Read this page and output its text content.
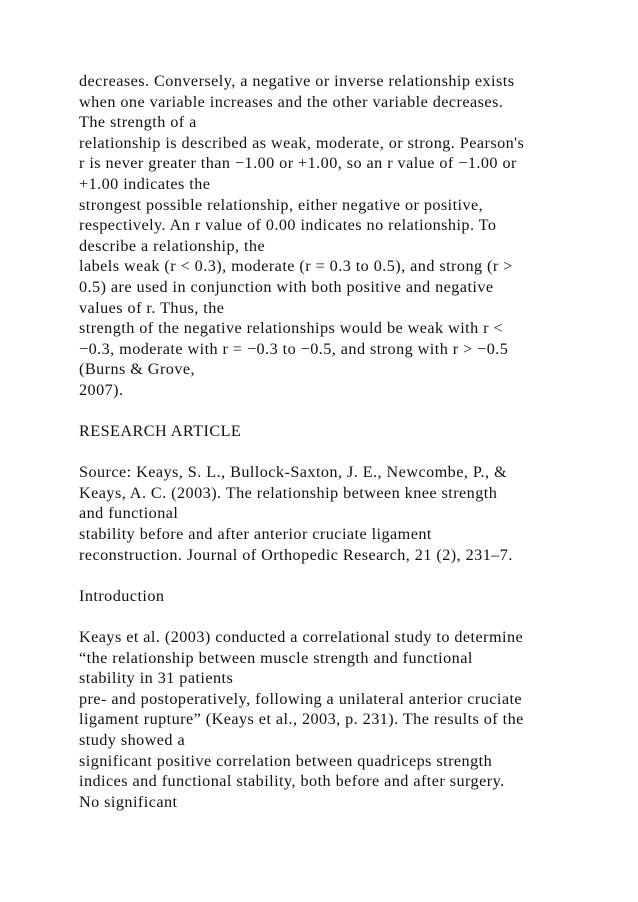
decreases. Conversely, a negative or inverse relationship exists
when one variable increases and the other variable decreases.
The strength of a
relationship is described as weak, moderate, or strong. Pearson's
r is never greater than −1.00 or +1.00, so an r value of −1.00 or
+1.00 indicates the
strongest possible relationship, either negative or positive,
respectively. An r value of 0.00 indicates no relationship. To
describe a relationship, the
labels weak (r < 0.3), moderate (r = 0.3 to 0.5), and strong (r >
0.5) are used in conjunction with both positive and negative
values of r. Thus, the
strength of the negative relationships would be weak with r <
−0.3, moderate with r = −0.3 to −0.5, and strong with r > −0.5
(Burns & Grove,
2007).
RESEARCH ARTICLE
Source: Keays, S. L., Bullock-Saxton, J. E., Newcombe, P., &
Keays, A. C. (2003). The relationship between knee strength
and functional
stability before and after anterior cruciate ligament
reconstruction. Journal of Orthopedic Research, 21 (2), 231–7.
Introduction
Keays et al. (2003) conducted a correlational study to determine
“the relationship between muscle strength and functional
stability in 31 patients
pre- and postoperatively, following a unilateral anterior cruciate
ligament rupture” (Keays et al., 2003, p. 231). The results of the
study showed a
significant positive correlation between quadriceps strength
indices and functional stability, both before and after surgery.
No significant
